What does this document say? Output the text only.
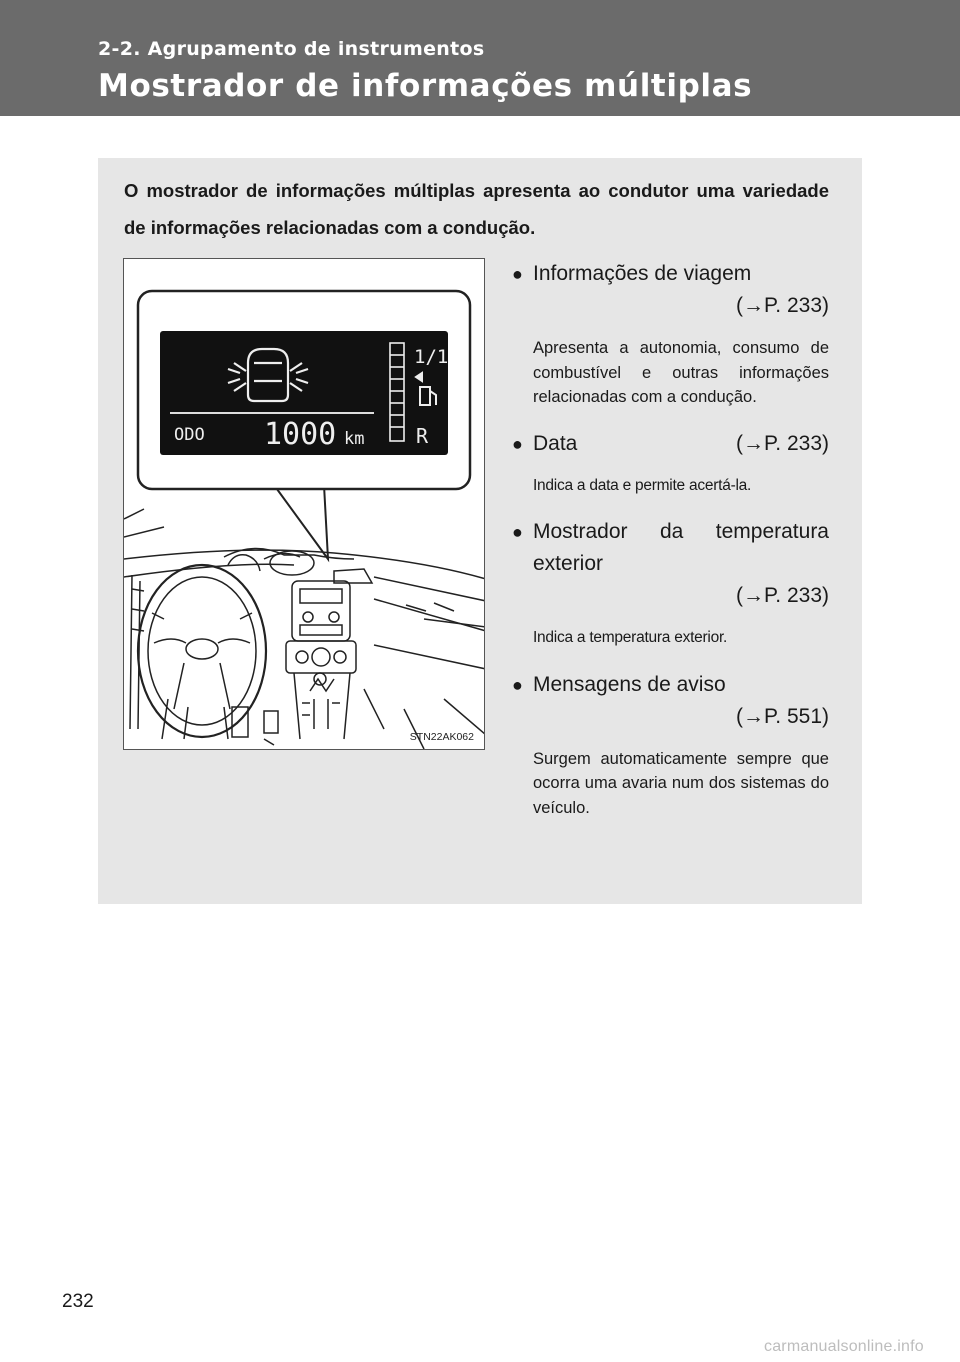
2-2. Agrupamento de instrumentos
Mostrador de informações múltiplas
O mostrador de informações múltiplas apresenta ao condutor uma variedade de informações relacionadas com a condução.
1/1
R
ODO 1000 km
STN22AK062
● Informações de viagem
(→P. 233)
Apresenta a autonomia, consumo de combustível e outras informações relacionadas com a condução.
● Data	(→P. 233)
Indica a data e permite acertá-la.
● Mostrador da temperatura exterior
(→P. 233)
Indica a temperatura exterior.
● Mensagens de aviso
(→P. 551)
Surgem automaticamente sempre que ocorra uma avaria num dos sistemas do veículo.
232
carmanualsonline.info
